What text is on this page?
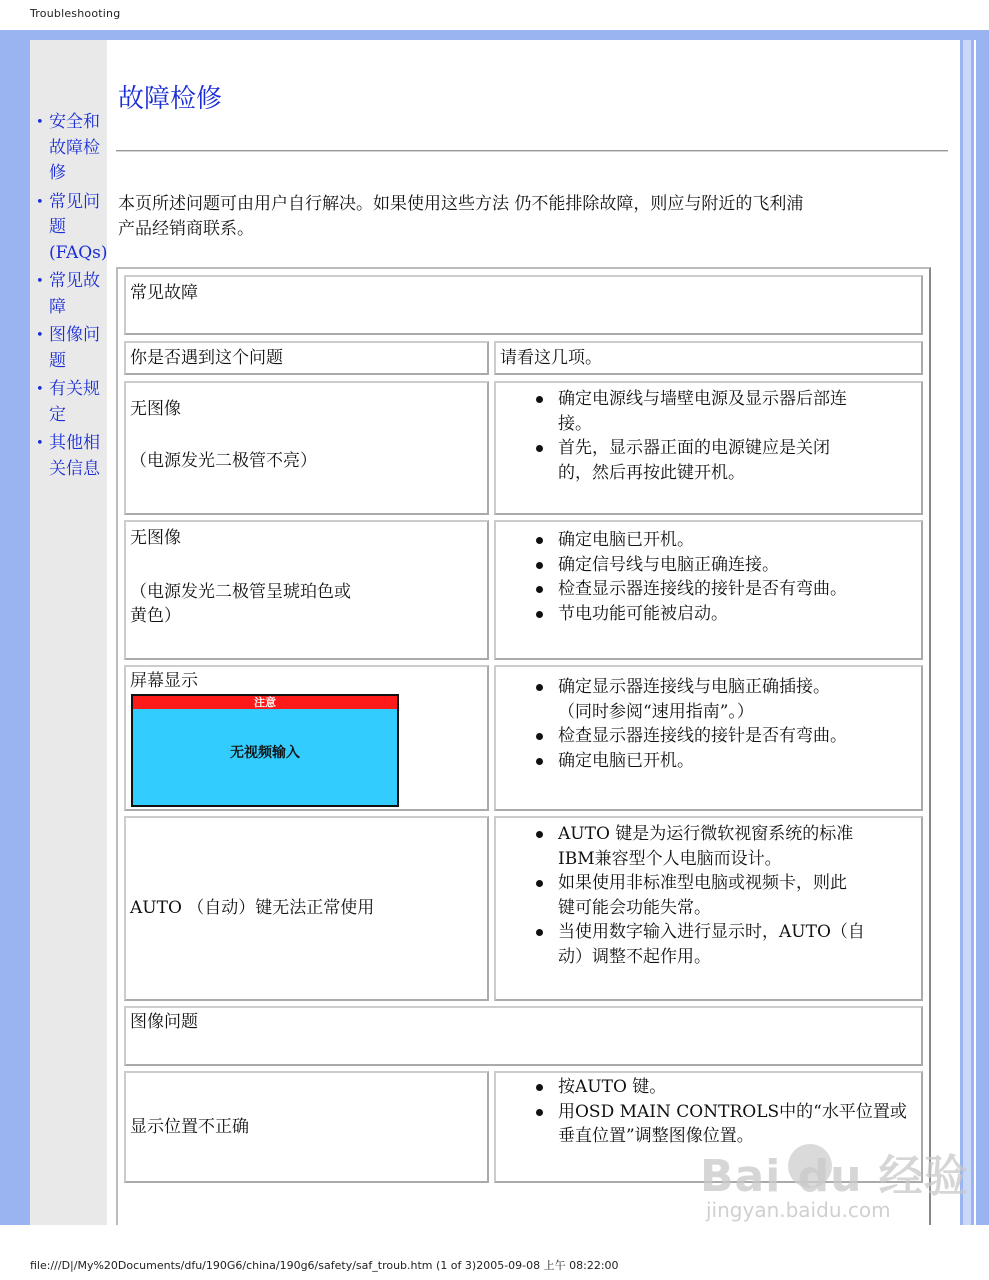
Troubleshooting
• 安全和
故障检
修
• 常见问
题
(FAQs)
• 常见故
障
• 图像问
题
• 有关规
定
• 其他相
关信息
故障检修
本页所述问题可由用户自行解决。如果使用这些方法 仍不能排除故障，则应与附近的飞利浦
产品经销商联系。
常见故障
你是否遇到这个问题	请看这几项。
无图像
（电源发光二极管不亮）
确定电源线与墙壁电源及显示器后部连
接。
首先，显示器正面的电源键应是关闭
的，然后再按此键开机。
无图像
（电源发光二极管呈琥珀色或
黄色）
确定电脑已开机。
确定信号线与电脑正确连接。
检查显示器连接线的接针是否有弯曲。
节电功能可能被启动。
屏幕显示
注意
无视频输入
确定显示器连接线与电脑正确插接。
（同时参阅“速用指南”。）
检查显示器连接线的接针是否有弯曲。
确定电脑已开机。
AUTO （自动）键无法正常使用
AUTO 键是为运行微软视窗系统的标准
IBM兼容型个人电脑而设计。
如果使用非标准型电脑或视频卡，则此
键可能会功能失常。
当使用数字输入进行显示时，AUTO（自
动）调整不起作用。
图像问题
显示位置不正确
按AUTO 键。
用OSD MAIN CONTROLS中的“水平位置或
垂直位置”调整图像位置。
Bai du 经验
jingyan.baidu.com
file:///D|/My%20Documents/dfu/190G6/china/190g6/safety/saf_troub.htm (1 of 3)2005-09-08 上午 08:22:00
